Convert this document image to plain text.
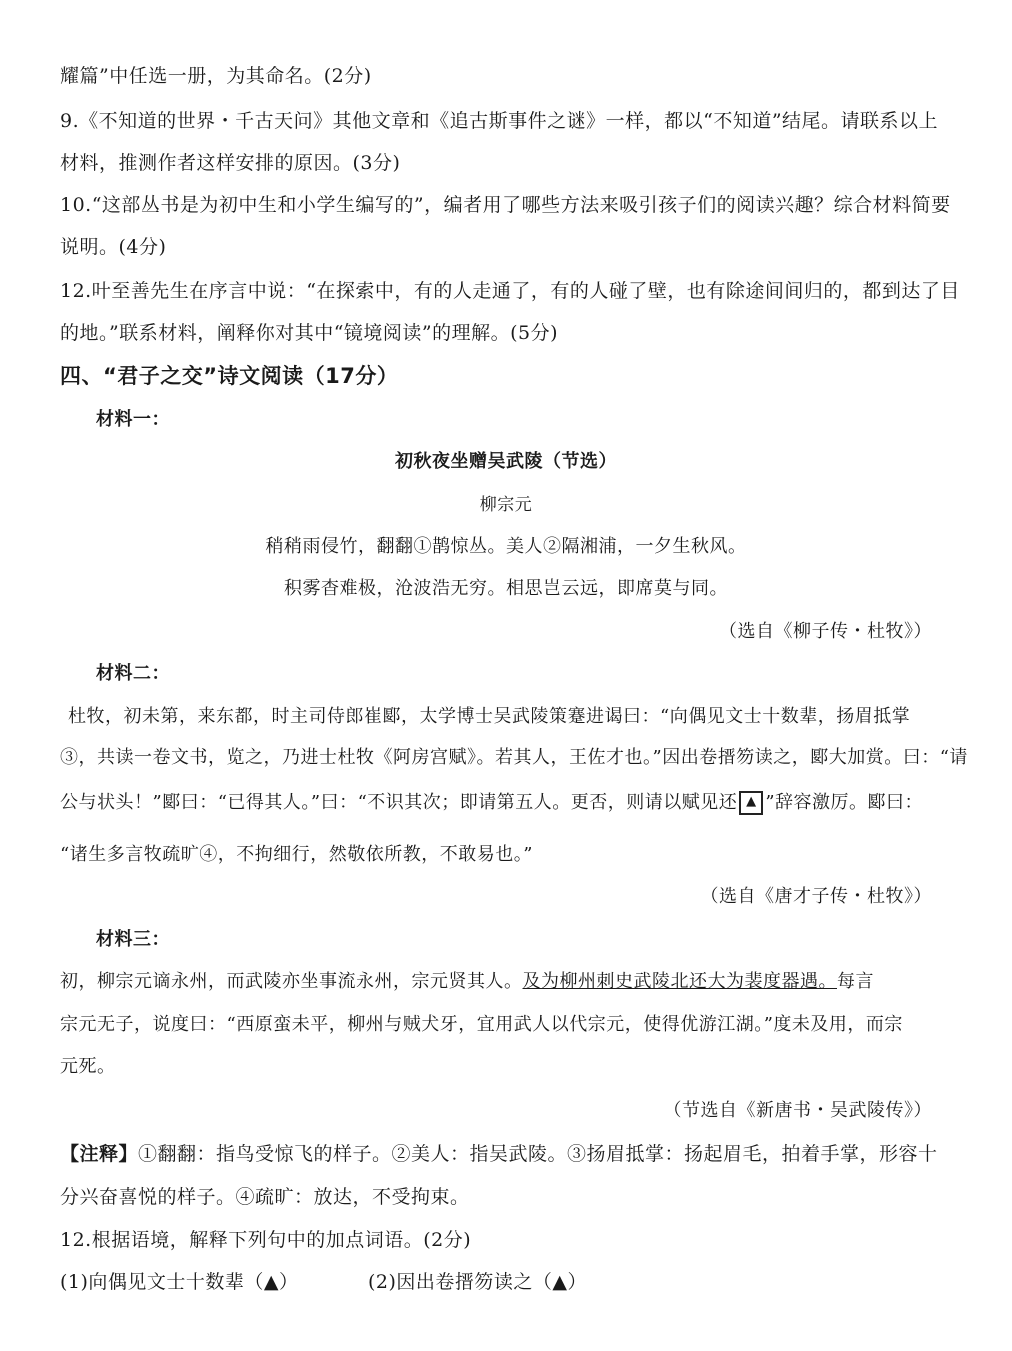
耀篇”中任选一册，为其命名。(2分)
9.《不知道的世界・千古天问》其他文章和《追古斯事件之谜》一样，都以“不知道”结尾。请联系以上
材料，推测作者这样安排的原因。(3分)
10.“这部丛书是为初中生和小学生编写的”，编者用了哪些方法来吸引孩子们的阅读兴趣？综合材料简要
说明。(4分)
12.叶至善先生在序言中说：“在探索中，有的人走通了，有的人碰了壁，也有除途间间归的，都到达了目
的地。”联系材料，阐释你对其中“镜境阅读”的理解。(5分)
四、“君子之交”诗文阅读（17分）
材料一：
初秋夜坐赠吴武陵（节选）
柳宗元
稍稍雨侵竹，翻翻①鹊惊丛。美人②隔湘浦，一夕生秋风。
积雾杳难极，沧波浩无穷。相思岂云远，即席莫与同。
（选自《柳子传・杜牧》）
材料二：
杜牧，初未第，来东都，时主司侍郎崔郾，太学博士吴武陵策蹇进谒曰：“向偶见文士十数辈，扬眉抵掌
③，共读一卷文书，览之，乃进士杜牧《阿房宫赋》。若其人，王佐才也。”因出卷搢笏读之，郾大加赏。曰：“请
公与状头！”郾曰：“已得其人。”曰：“不识其次；即请第五人。更否，则请以赋见还 ▲ ”辞容激厉。郾曰：
“诸生多言牧疏旷④，不拘细行，然敬依所教，不敢易也。”
（选自《唐才子传・杜牧》）
材料三：
初，柳宗元谪永州，而武陵亦坐事流永州，宗元贤其人。及为柳州刺史武陵北还大为裴度器遇。每言
宗元无子，说度曰：“西原蛮未平，柳州与贼犬牙，宜用武人以代宗元，使得优游江湖。”度未及用，而宗
元死。
（节选自《新唐书・吴武陵传》）
【注释】①翻翻：指鸟受惊飞的样子。②美人：指吴武陵。③扬眉抵掌：扬起眉毛，拍着手掌，形容十
分兴奋喜悦的样子。④疏旷：放达，不受拘束。
12.根据语境，解释下列句中的加点词语。(2分)
(1)向偶见文士十数辈（▲）	(2)因出卷搢笏读之（▲）
